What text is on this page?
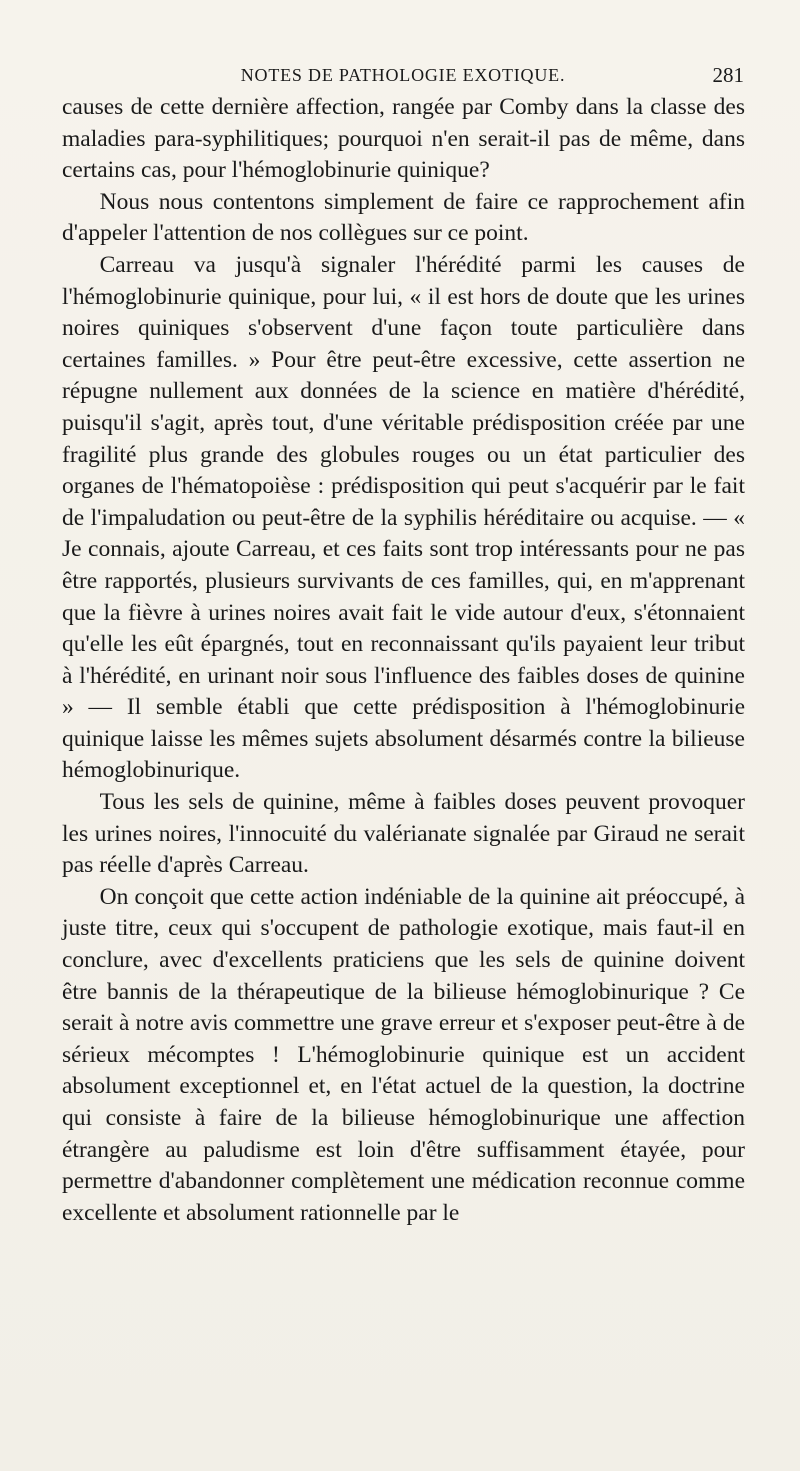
NOTES DE PATHOLOGIE EXOTIQUE.	281

causes de cette dernière affection, rangée par Comby dans la classe des maladies para-syphilitiques; pourquoi n'en serait-il pas de même, dans certains cas, pour l'hémoglobinurie quinique?

Nous nous contentons simplement de faire ce rapprochement afin d'appeler l'attention de nos collègues sur ce point.

Carreau va jusqu'à signaler l'hérédité parmi les causes de l'hémoglobinurie quinique, pour lui, « il est hors de doute que les urines noires quiniques s'observent d'une façon toute particulière dans certaines familles. » Pour être peut-être excessive, cette assertion ne répugne nullement aux données de la science en matière d'hérédité, puisqu'il s'agit, après tout, d'une véritable prédisposition créée par une fragilité plus grande des globules rouges ou un état particulier des organes de l'hématopoièse : prédisposition qui peut s'acquérir par le fait de l'impaludation ou peut-être de la syphilis héréditaire ou acquise. — « Je connais, ajoute Carreau, et ces faits sont trop intéressants pour ne pas être rapportés, plusieurs survivants de ces familles, qui, en m'apprenant que la fièvre à urines noires avait fait le vide autour d'eux, s'étonnaient qu'elle les eût épargnés, tout en reconnaissant qu'ils payaient leur tribut à l'hérédité, en urinant noir sous l'influence des faibles doses de quinine » — Il semble établi que cette prédisposition à l'hémoglobinurie quinique laisse les mêmes sujets absolument désarmés contre la bilieuse hémoglobinurique.

Tous les sels de quinine, même à faibles doses peuvent provoquer les urines noires, l'innocuité du valérianate signalée par Giraud ne serait pas réelle d'après Carreau.

On conçoit que cette action indéniable de la quinine ait préoccupé, à juste titre, ceux qui s'occupent de pathologie exotique, mais faut-il en conclure, avec d'excellents praticiens que les sels de quinine doivent être bannis de la thérapeutique de la bilieuse hémoglobinurique ? Ce serait à notre avis commettre une grave erreur et s'exposer peut-être à de sérieux mécomptes ! L'hémoglobinurie quinique est un accident absolument exceptionnel et, en l'état actuel de la question, la doctrine qui consiste à faire de la bilieuse hémoglobinurique une affection étrangère au paludisme est loin d'être suffisamment étayée, pour permettre d'abandonner complètement une médication reconnue comme excellente et absolument rationnelle par le
